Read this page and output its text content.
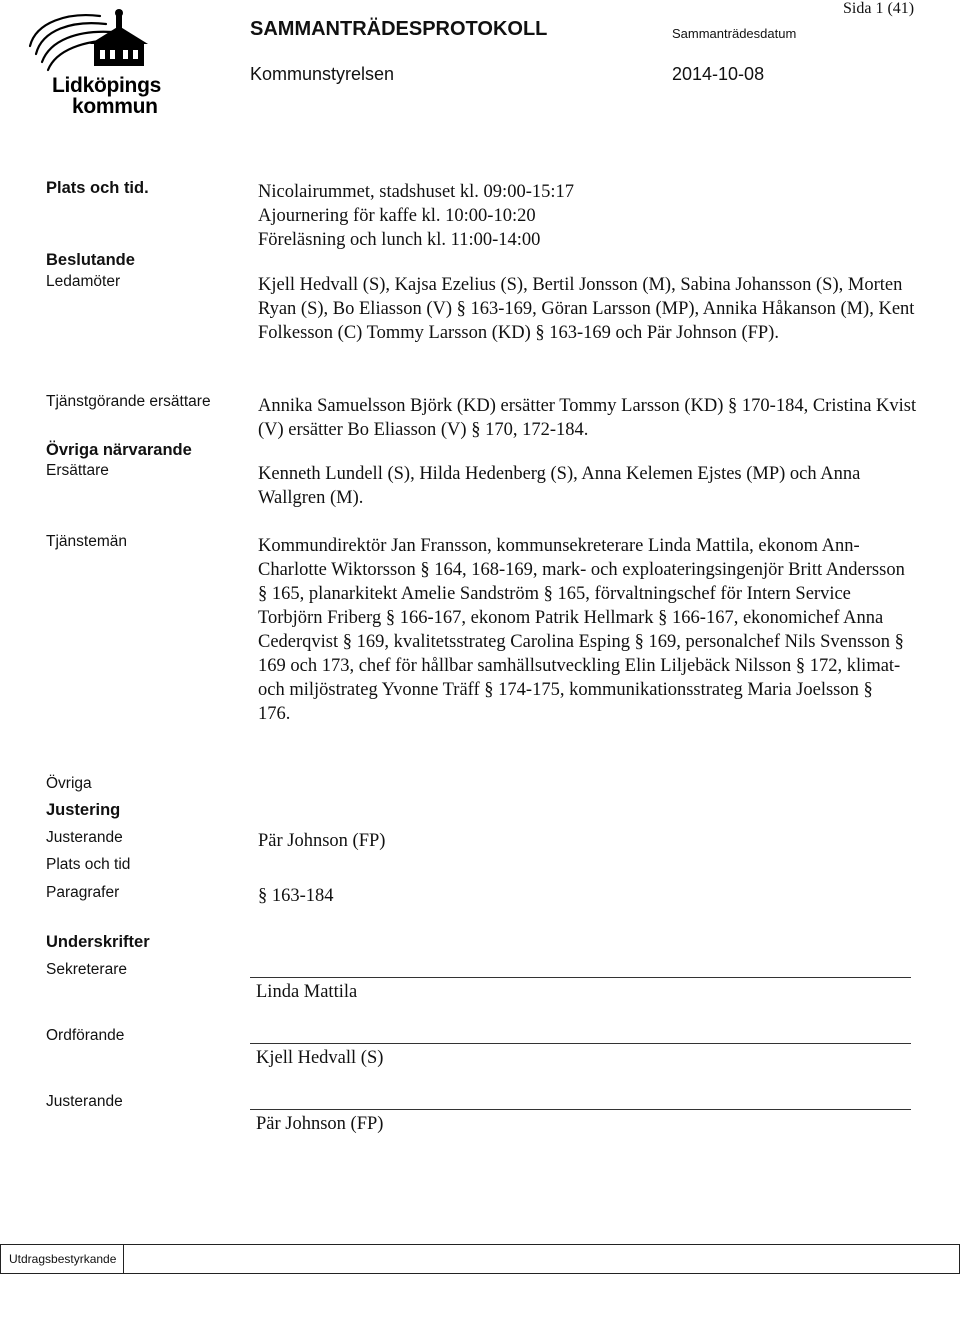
Lidköpings
kommun
SAMMANTRÄDESPROTOKOLL	Sammanträdesdatum
Sida 1 (41)
Kommunstyrelsen	2014-10-08
Plats och tid.
Beslutande
Ledamöter
Tjänstgörande ersättare
Övriga närvarande
Ersättare
Tjänstemän
Övriga
Justering
Justerande
Plats och tid
Paragrafer
Underskrifter
Sekreterare
Ordförande
Justerande
Nicolairummet, stadshuset kl. 09:00-15:17
Ajournering för kaffe kl. 10:00-10:20
Föreläsning och lunch kl. 11:00-14:00
Kjell Hedvall (S), Kajsa Ezelius (S), Bertil Jonsson (M), Sabina Johansson (S), Morten Ryan (S), Bo Eliasson (V) § 163-169, Göran Larsson (MP), Annika Håkanson (M), Kent Folkesson (C) Tommy Larsson (KD) § 163-169 och Pär Johnson (FP).
Annika Samuelsson Björk (KD) ersätter Tommy Larsson (KD) § 170-184, Cristina Kvist (V) ersätter Bo Eliasson (V) § 170, 172-184.
Kenneth Lundell (S), Hilda Hedenberg (S), Anna Kelemen Ejstes (MP) och Anna Wallgren (M).
Kommundirektör Jan Fransson, kommunsekreterare Linda Mattila, ekonom Ann-Charlotte Wiktorsson § 164, 168-169, mark- och exploateringsingenjör Britt Andersson § 165, planarkitekt Amelie Sandström § 165, förvaltningschef för Intern Service Torbjörn Friberg § 166-167, ekonom Patrik Hellmark § 166-167, ekonomichef Anna Cederqvist § 169, kvalitetsstrateg Carolina Esping § 169, personalchef Nils Svensson § 169 och 173, chef för hållbar samhällsutveckling Elin Liljebäck Nilsson § 172, klimat- och miljöstrateg Yvonne Träff § 174-175, kommunikationsstrateg Maria Joelsson § 176.
Pär Johnson (FP)
§ 163-184
Linda Mattila
Kjell Hedvall (S)
Pär Johnson (FP)
Utdragsbestyrkande
